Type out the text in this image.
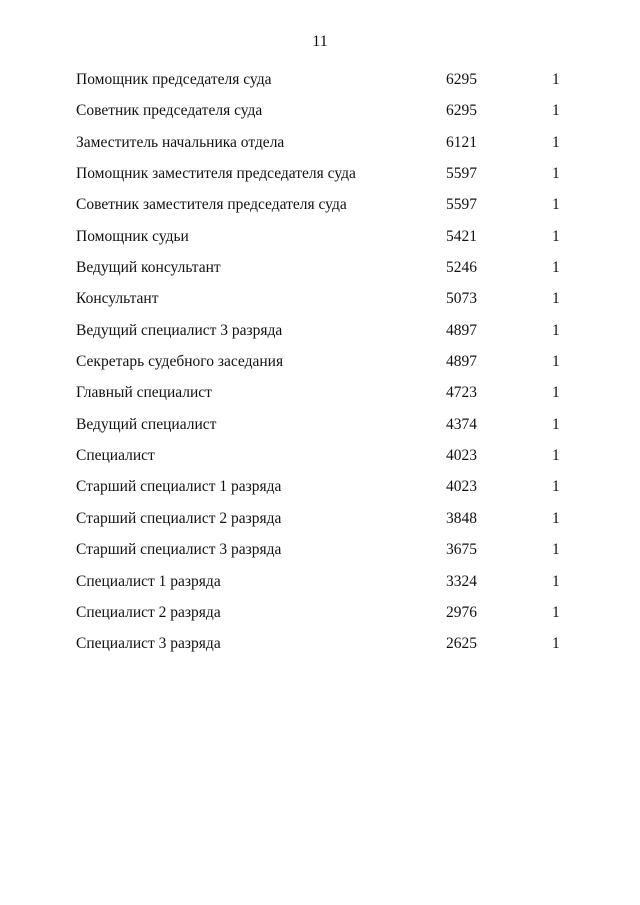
11
Помощник председателя суда	6295	1
Советник председателя суда	6295	1
Заместитель начальника отдела	6121	1
Помощник заместителя председателя суда	5597	1
Советник заместителя председателя суда	5597	1
Помощник судьи	5421	1
Ведущий консультант	5246	1
Консультант	5073	1
Ведущий специалист 3 разряда	4897	1
Секретарь судебного заседания	4897	1
Главный специалист	4723	1
Ведущий специалист	4374	1
Специалист	4023	1
Старший специалист 1 разряда	4023	1
Старший специалист 2 разряда	3848	1
Старший специалист 3 разряда	3675	1
Специалист 1 разряда	3324	1
Специалист 2 разряда	2976	1
Специалист 3 разряда	2625	1
